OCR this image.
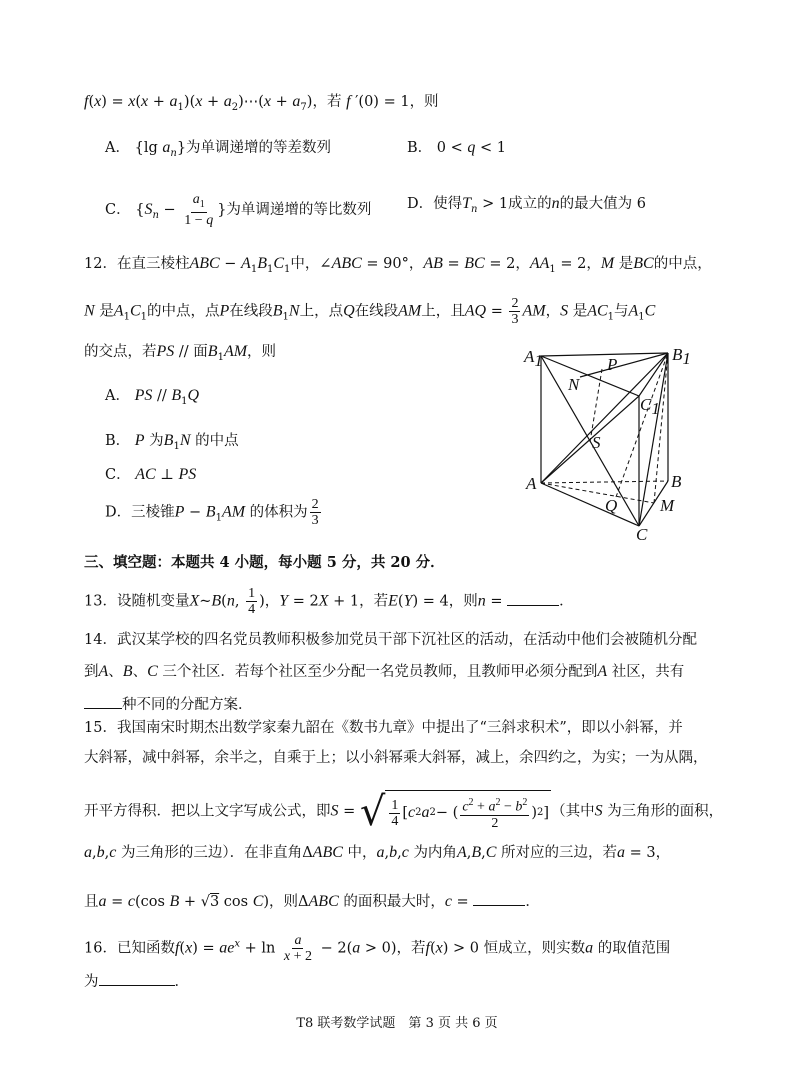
$f(x) = x(x + a_1)(x$ + $a_2)\cdots(x + a_7)$，若 f ′(0) = 1，则
A． {lg $a_n$}为单调递增的等差数列	B． 0 < q < 1
C． {$S_n - \frac{a_1}{1 - q}$ }为单调递增的等比数列 D．使得$T_n > 1$成立的n的最大值为 6
12．在直三棱柱ABC − $A_1B_1C_1$中，∠ABC = 90°，AB = BC = 2，$AA_1 = 2$，M 是BC的中点，
N 是$A_1C_1$的中点，点P在线段$B_1N$上，点Q在线段AM上，且AQ = $\frac{2}{3}$ AM，S 是$AC_1$与$A_1C$
的交点，若PS // 面$B_1AM$，则
A． PS // $B_1Q$
B． P 为$B_1N$ 的中点
C． AC ⊥ PS
D．三棱锥$P - B_1AM$ 的体积为 $\frac{2}{3}$
A1	B1
C1
P
N
S
A	B
Q	M
C
三、填空题：本题共 4 小题，每小题 5 分，共 20 分．
13．设随机变量X~B(n, $\frac{1}{4}$ )，Y = 2X + 1，若E(Y) = 4，则n =	．
14．武汉某学校的四名党员教师积极参加党员干部下沉社区的活动，在活动中他们会被随机分配
到A、B、C 三个社区．若每个社区至少分配一名党员教师，且教师甲必须分配到A 社区，共有
种不同的分配方案．
15．我国南宋时期杰出数学家秦九韶在《数书九章》中提出了“三斜求积术”，即以小斜幂，并
大斜幂，减中斜幂，余半之，自乘于上；以小斜幂乘大斜幂，减上，余四约之，为实；一为从隅，
开平方得积．把以上文字写成公式，即S = √ $\frac{1}{4}$ [ c 2 a 2 − ( $\frac{c^2 + a^2 - b^2}{2}$ ) 2 ] （其中S 为三角形的面积，
a,b,c 为三角形的三边）．在非直角ΔABC 中，a,b,c 为内角A,B,C 所对应的三边，若a = 3，
且a = c(cos B + √3 cos C)，则ΔABC 的面积最大时，c =	．
16．已知函数$f(x) = ae^x + \ln \frac{a}{x + 2} - 2(a > 0)$，若f(x) > 0 恒成立，则实数a 的取值范围
为	．
T8 联考数学试题　第 3 页 共 6 页
